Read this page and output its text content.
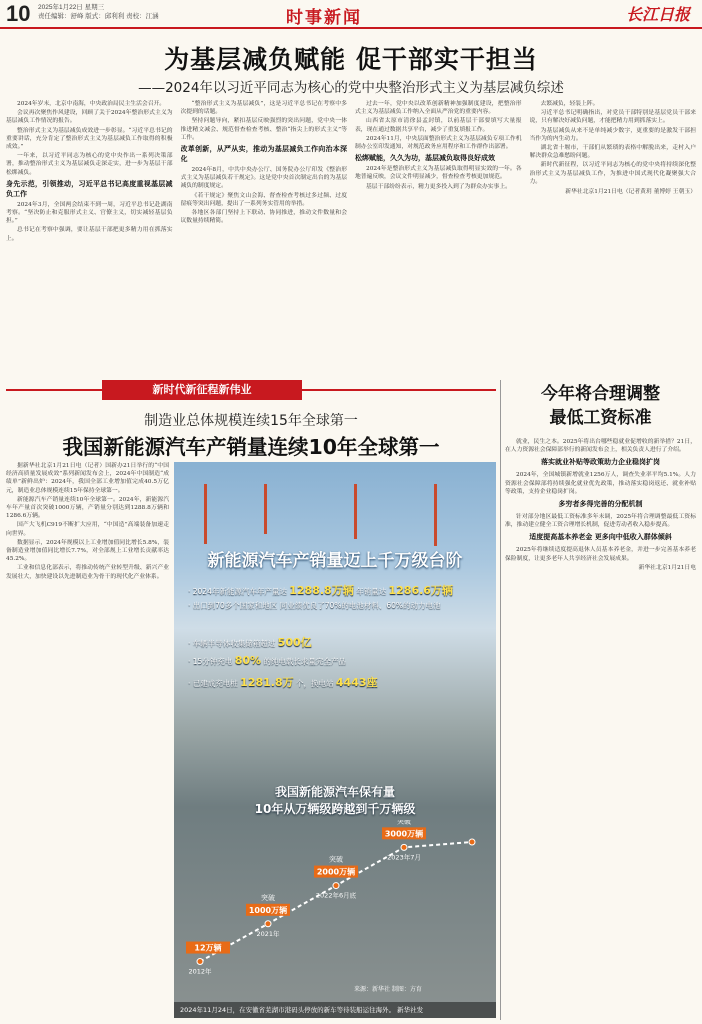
10 2025年1月22日 星期三
责任编辑：舒峰 版式：邱利利 责校：江涵	时事新闻	长江日报
为基层减负赋能 促干部实干担当
——2024年以习近平同志为核心的党中央整治形式主义为基层减负综述

2024年岁末，北京中南海，中央政治局民主生活会召开。

会议再次聚焦作风建设，回顾了关于2024年整治形式主义为基层减负工作情况的报告。

整治形式主义为基层减负成效进一步彰显。“习近平总书记的重要讲话，充分肯定了整治形式主义为基层减负工作取得的积极成效。”

一年来，以习近平同志为核心的党中央作出一系列决策部署，推动整治形式主义为基层减负走深走实，进一步为基层干部松绑减负。

身先示范，引领推动，习近平总书记高度重视基层减负工作

2024年3月，全国两会结束不到一周，习近平总书记赴湖南考察。“坚决防止和克服形式主义、官僚主义，切实减轻基层负担。”

总书记在考察中强调，要让基层干部把更多精力用在抓落实上。

“整治形式主义为基层减负”，这是习近平总书记在考察中多次提到的话题。

坚持问题导向，紧扣基层反映强烈的突出问题，党中央一体推进精文减会、规范督查检查考核、整治“指尖上的形式主义”等工作。

改革创新，从严从实，推动为基层减负工作向治本深化

2024年8月，中共中央办公厅、国务院办公厅印发《整治形式主义为基层减负若干规定》。这是党中央首次制定出台的为基层减负的制度规定。

《若干规定》聚焦文山会海、督查检查考核过多过频、过度留痕等突出问题，提出了一系列务实管用的举措。

各地区各部门坚持上下联动、协同推进，推动文件数量和会议数量持续精简。

过去一年，党中央以改革创新精神加强制度建设，把整治形式主义为基层减负工作纳入全面从严治党的重要内容。

山西省太原市清徐县孟封镇，以前基层干部要填写大量报表，现在通过数据共享平台，减少了重复填报工作。

2024年11月，中央层面整治形式主义为基层减负专项工作机制办公室印发通知，对规范政务应用程序和工作群作出部署。

松绑赋能，久久为功，基层减负取得良好成效

2024年是整治形式主义为基层减负取得明显实效的一年。各地普遍反映，会议文件明显减少，督查检查考核更加规范。

基层干部纷纷表示，精力更多投入到了为群众办实事上。

去繁减负，轻装上阵。

习近平总书记明确指出，对党员干部特别是基层党员干部来说，只有解决好减负问题，才能把精力用到抓落实上。

为基层减负从来不是单纯减少数字，更重要的是激发干部担当作为的内生动力。

湖北省十堰市，干部们从繁琐的表格中解脱出来，走村入户解决群众急难愁盼问题。

新时代新征程，以习近平同志为核心的党中央将持续深化整治形式主义为基层减负工作，为推进中国式现代化凝聚强大合力。

新华社北京1月21日电（记者黄玥 董博婷 王朝玉）

新时代新征程新伟业
制造业总体规模连续15年全球第一
我国新能源汽车产销量连续10年全球第一

据新华社北京1月21日电（记者）国新办21日举行的“中国经济高质量发展成效”系列新闻发布会上，2024年中国制造“成绩单”新鲜出炉：2024年，我国全部工业增加值完成40.5万亿元，制造业总体规模连续15年保持全球第一。

新能源汽车产销量连续10年全球第一。2024年，新能源汽车年产量首次突破1000万辆，产销量分别达到1288.8万辆和1286.6万辆。

国产大飞机C919不断扩大应用，“中国造”高端装备加速走向世界。

数据显示，2024年规模以上工业增加值同比增长5.8%，装备制造业增加值同比增长7.7%，对全部规上工业增长贡献率达45.2%。

工业和信息化部表示，将推动传统产业转型升级、新兴产业发展壮大，加快建设以先进制造业为骨干的现代化产业体系。

新能源汽车产销量迈上千万级台阶
· 2024年新能源汽车年产量达 1288.8万辆 年销量达 1286.6万辆
· 出口到70多个国家和地区 同业绩优良了70%的电池材料、60%的动力电池
· 车辆半导体收集储箱超过 500亿
· 15分钟充电 80% 的纯电载长求量完全产品
· 已建成充电桩 1281.8万 个，换电站 4443座
我国新能源汽车保有量
10年从万辆级跨越到千万辆级
12万辆
2012年
突破
1000万辆
2021年
突破
2000万辆
2022年6月底
突破
3000万辆
2023年7月
来源：新华社 制图：方育
2024年11月24日，在安徽省芜湖市港码头停放的新车等待装船运往海外。 新华社发
今年将合理调整
最低工资标准

就业，民生之本。2025年将出台哪些稳就业促增收的新举措？21日，在人力资源社会保障部举行的新闻发布会上，相关负责人进行了介绍。

落实就业补贴等政策助力企业稳岗扩岗

2024年，全国城镇新增就业1256万人，调查失业率平均5.1%。人力资源社会保障部将持续强化就业优先政策，推动落实稳岗返还、就业补贴等政策，支持企业稳岗扩岗。

多穷者多得完善的分配机制

针对部分地区最低工资标准多年未调，2025年将合理调整最低工资标准，推动建立健全工资合理增长机制，促进劳动者收入稳步提高。

适度提高基本养老金 更多向中低收入群体倾斜

2025年将继续适度提高退休人员基本养老金，并进一步完善基本养老保险制度，让更多老年人共享经济社会发展成果。

新华社北京1月21日电
